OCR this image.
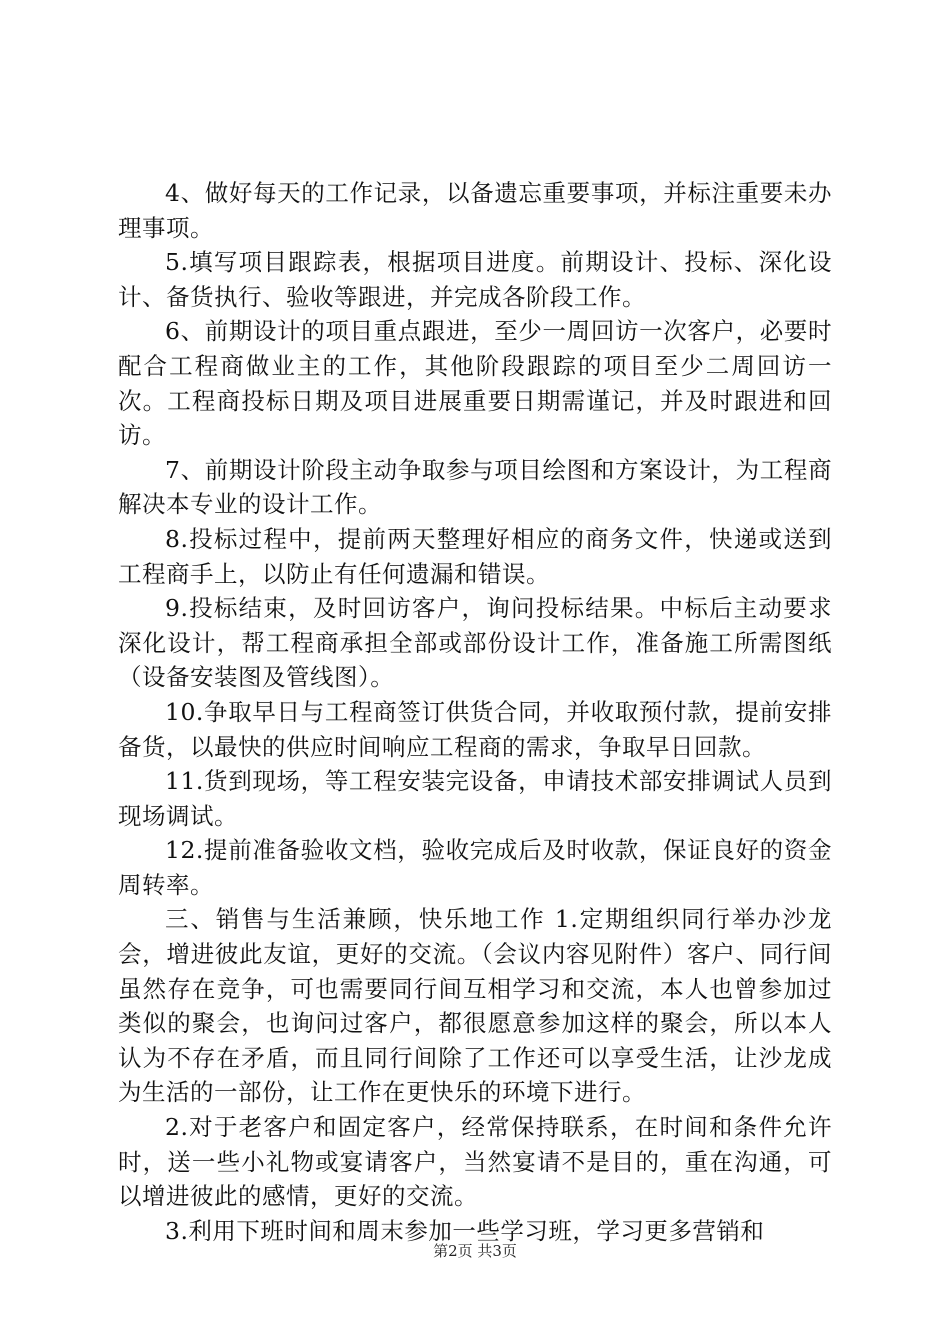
4、做好每天的工作记录，以备遗忘重要事项，并标注重要未办理事项。

5.填写项目跟踪表，根据项目进度。前期设计、投标、深化设计、备货执行、验收等跟进，并完成各阶段工作。

6、前期设计的项目重点跟进，至少一周回访一次客户，必要时配合工程商做业主的工作，其他阶段跟踪的项目至少二周回访一次。工程商投标日期及项目进展重要日期需谨记，并及时跟进和回访。

7、前期设计阶段主动争取参与项目绘图和方案设计，为工程商解决本专业的设计工作。

8.投标过程中，提前两天整理好相应的商务文件，快递或送到工程商手上，以防止有任何遗漏和错误。

9.投标结束，及时回访客户，询问投标结果。中标后主动要求深化设计，帮工程商承担全部或部份设计工作，准备施工所需图纸（设备安装图及管线图）。

10.争取早日与工程商签订供货合同，并收取预付款，提前安排备货，以最快的供应时间响应工程商的需求，争取早日回款。

11.货到现场，等工程安装完设备，申请技术部安排调试人员到现场调试。

12.提前准备验收文档，验收完成后及时收款，保证良好的资金周转率。

三、销售与生活兼顾，快乐地工作 1.定期组织同行举办沙龙会，增进彼此友谊，更好的交流。（会议内容见附件）客户、同行间虽然存在竞争，可也需要同行间互相学习和交流，本人也曾参加过类似的聚会，也询问过客户，都很愿意参加这样的聚会，所以本人认为不存在矛盾，而且同行间除了工作还可以享受生活，让沙龙成为生活的一部份，让工作在更快乐的环境下进行。

2.对于老客户和固定客户，经常保持联系，在时间和条件允许时，送一些小礼物或宴请客户，当然宴请不是目的，重在沟通，可以增进彼此的感情，更好的交流。

3.利用下班时间和周末参加一些学习班，学习更多营销和

第2页 共3页
